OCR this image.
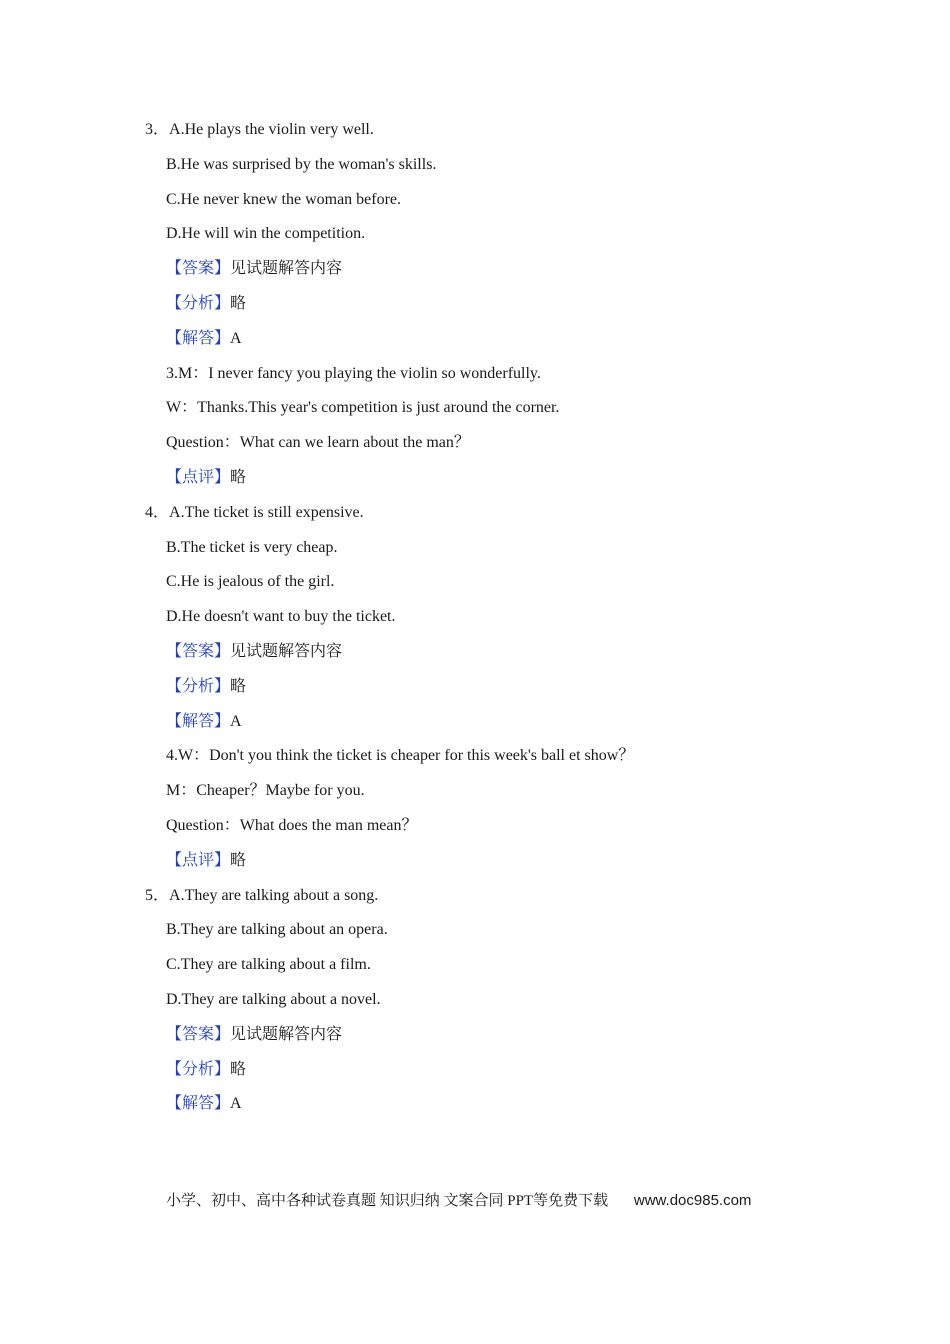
3．A.He plays the violin very well.
B.He was surprised by the woman's skills.
C.He never knew the woman before.
D.He will win the competition.
【答案】见试题解答内容
【分析】略
【解答】A
3.M：I never fancy you playing the violin so wonderfully.
W：Thanks.This year's competition is just around the corner.
Question：What can we learn about the man？
【点评】略
4．A.The ticket is still expensive.
B.The ticket is very cheap.
C.He is jealous of the girl.
D.He doesn't want to buy the ticket.
【答案】见试题解答内容
【分析】略
【解答】A
4.W：Don't you think the ticket is cheaper for this week's ball et show？
M：Cheaper？Maybe for you.
Question：What does the man mean？
【点评】略
5．A.They are talking about a song.
B.They are talking about an opera.
C.They are talking about a film.
D.They are talking about a novel.
【答案】见试题解答内容
【分析】略
【解答】A
小学、初中、高中各种试卷真题 知识归纳 文案合同 PPT等免费下载 www.doc985.com
